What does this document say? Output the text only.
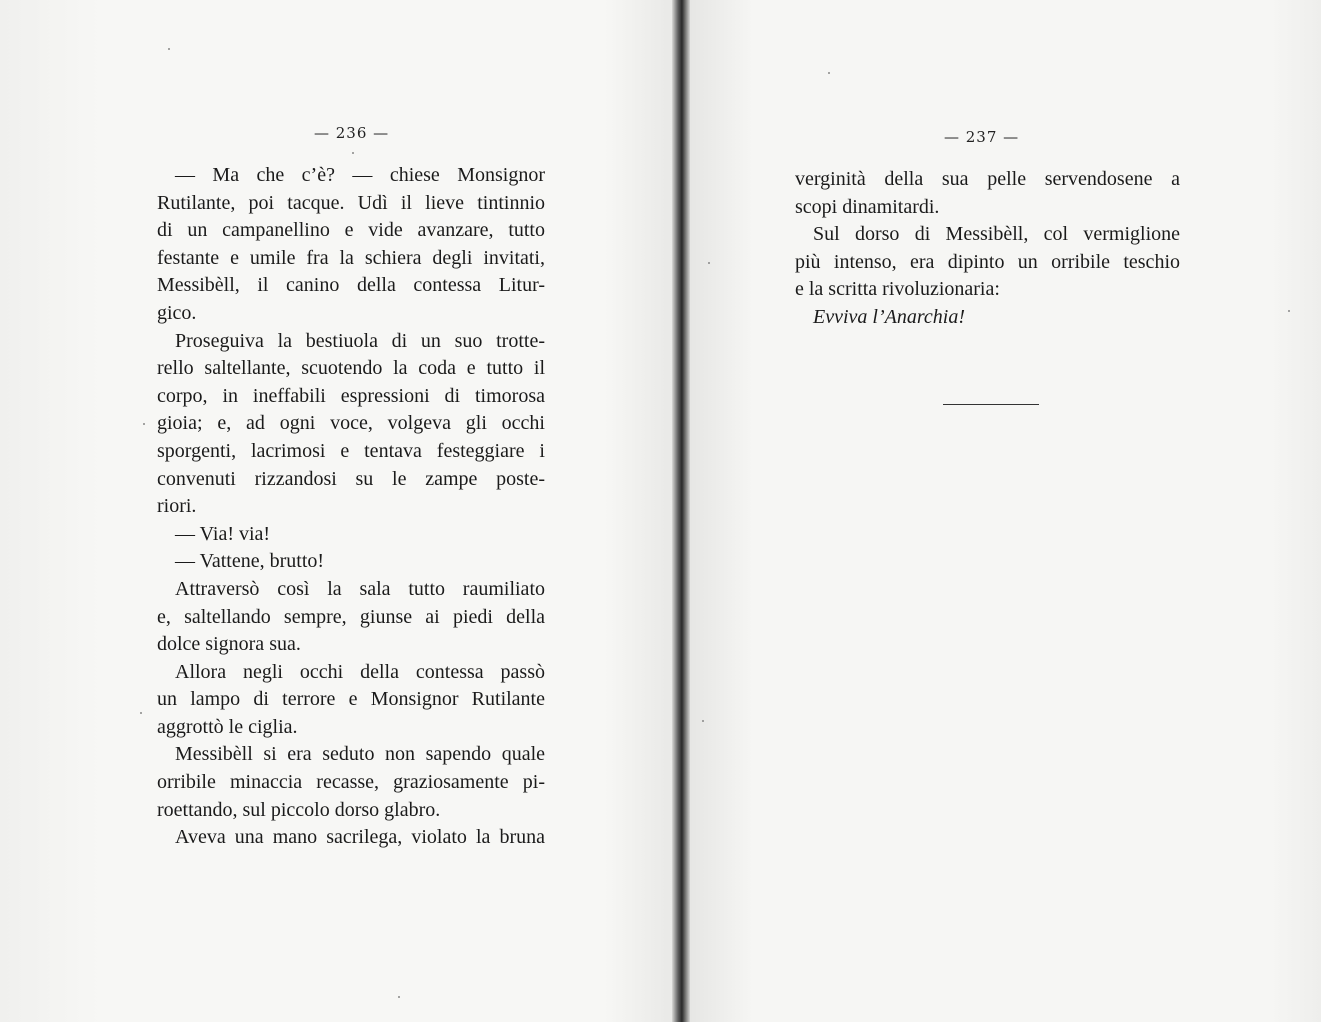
— 236 —
— Ma che c’è? — chiese Monsignor
Rutilante, poi tacque. Udì il lieve tintinnio
di un campanellino e vide avanzare, tutto
festante e umile fra la schiera degli invitati,
Messibèll, il canino della contessa Litur-
gico.
Proseguiva la bestiuola di un suo trotte-
rello saltellante, scuotendo la coda e tutto il
corpo, in ineffabili espressioni di timorosa
gioia; e, ad ogni voce, volgeva gli occhi
sporgenti, lacrimosi e tentava festeggiare i
convenuti rizzandosi su le zampe poste-
riori.
— Via! via!
— Vattene, brutto!
Attraversò così la sala tutto raumiliato
e, saltellando sempre, giunse ai piedi della
dolce signora sua.
Allora negli occhi della contessa passò
un lampo di terrore e Monsignor Rutilante
aggrottò le ciglia.
Messibèll si era seduto non sapendo quale
orribile minaccia recasse, graziosamente pi-
roettando, sul piccolo dorso glabro.
Aveva una mano sacrilega, violato la bruna
— 237 —
verginità della sua pelle servendosene a
scopi dinamitardi.
Sul dorso di Messibèll, col vermiglione
più intenso, era dipinto un orribile teschio
e la scritta rivoluzionaria:
Evviva l’Anarchia!
